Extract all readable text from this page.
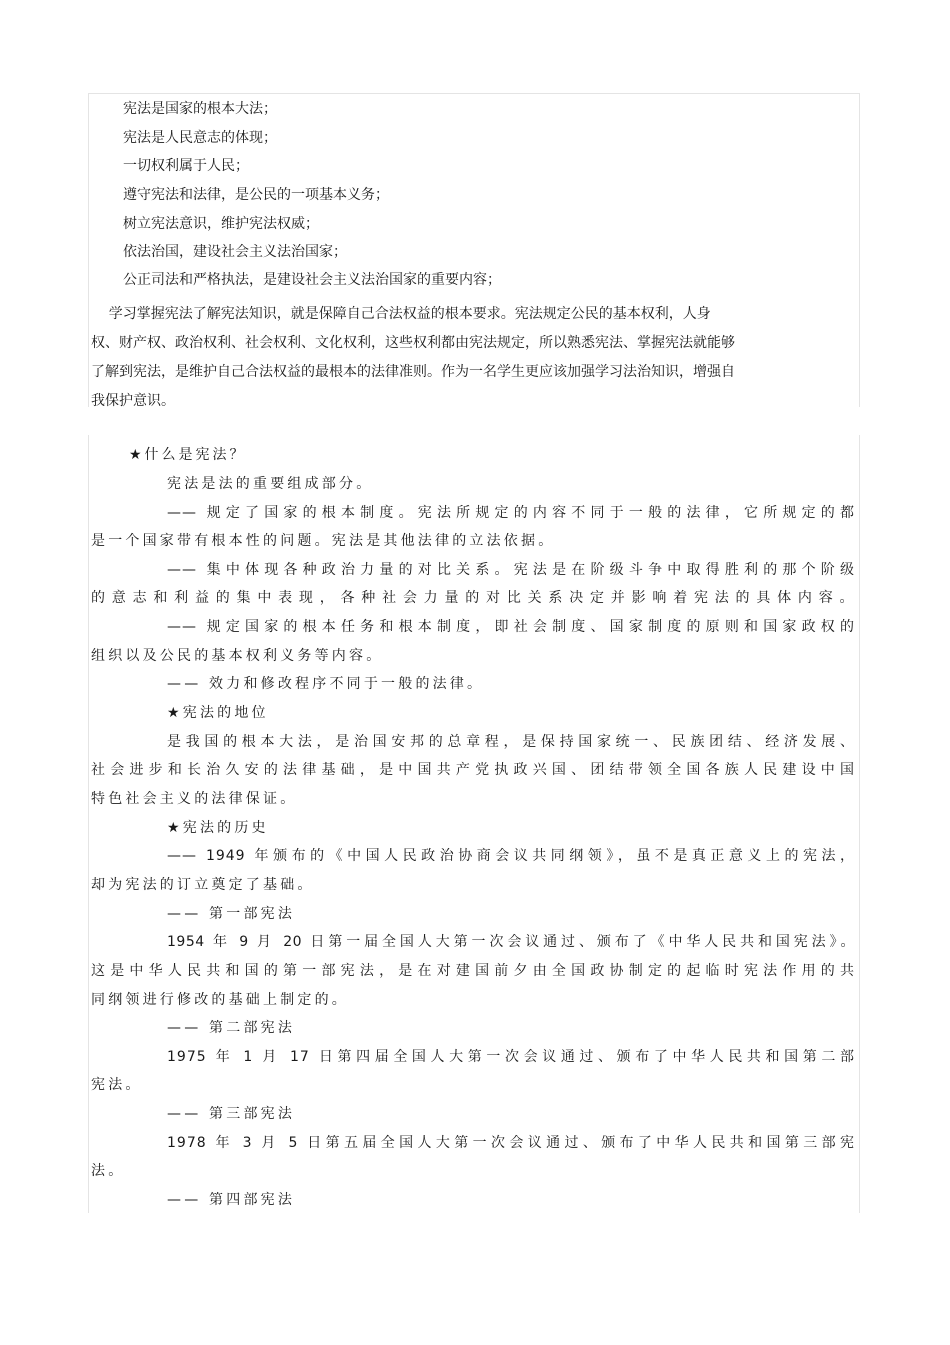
宪法是国家的根本大法；
宪法是人民意志的体现；
一切权利属于人民；
遵守宪法和法律，是公民的一项基本义务；
树立宪法意识，维护宪法权威；
依法治国，建设社会主义法治国家；
公正司法和严格执法，是建设社会主义法治国家的重要内容；
学习掌握宪法了解宪法知识，就是保障自己合法权益的根本要求。宪法规定公民的基本权利，人身
权、财产权、政治权利、社会权利、文化权利，这些权利都由宪法规定，所以熟悉宪法、掌握宪法就能够
了解到宪法，是维护自己合法权益的最根本的法律准则。作为一名学生更应该加强学习法治知识，增强自
我保护意识。
★什么是宪法？
宪法是法的重要组成部分。
—— 规定了国家的根本制度。宪法所规定的内容不同于一般的法律，它所规定的都
是一个国家带有根本性的问题。宪法是其他法律的立法依据。
—— 集中体现各种政治力量的对比关系。宪法是在阶级斗争中取得胜利的那个阶级
的意志和利益的集中表现，各种社会力量的对比关系决定并影响着宪法的具体内容。
—— 规定国家的根本任务和根本制度，即社会制度、国家制度的原则和国家政权的
组织以及公民的基本权利义务等内容。
—— 效力和修改程序不同于一般的法律。
★宪法的地位
是我国的根本大法，是治国安邦的总章程，是保持国家统一、民族团结、经济发展、
社会进步和长治久安的法律基础，是中国共产党执政兴国、团结带领全国各族人民建设中国
特色社会主义的法律保证。
★宪法的历史
—— 1949 年颁布的《中国人民政治协商会议共同纲领》，虽不是真正意义上的宪法，
却为宪法的订立奠定了基础。
—— 第一部宪法
1954 年 9 月 20 日第一届全国人大第一次会议通过、颁布了《中华人民共和国宪法》。
这是中华人民共和国的第一部宪法，是在对建国前夕由全国政协制定的起临时宪法作用的共
同纲领进行修改的基础上制定的。
—— 第二部宪法
1975 年 1 月 17 日第四届全国人大第一次会议通过、颁布了中华人民共和国第二部
宪法。
—— 第三部宪法
1978 年 3 月 5 日第五届全国人大第一次会议通过、颁布了中华人民共和国第三部宪
法。
—— 第四部宪法
